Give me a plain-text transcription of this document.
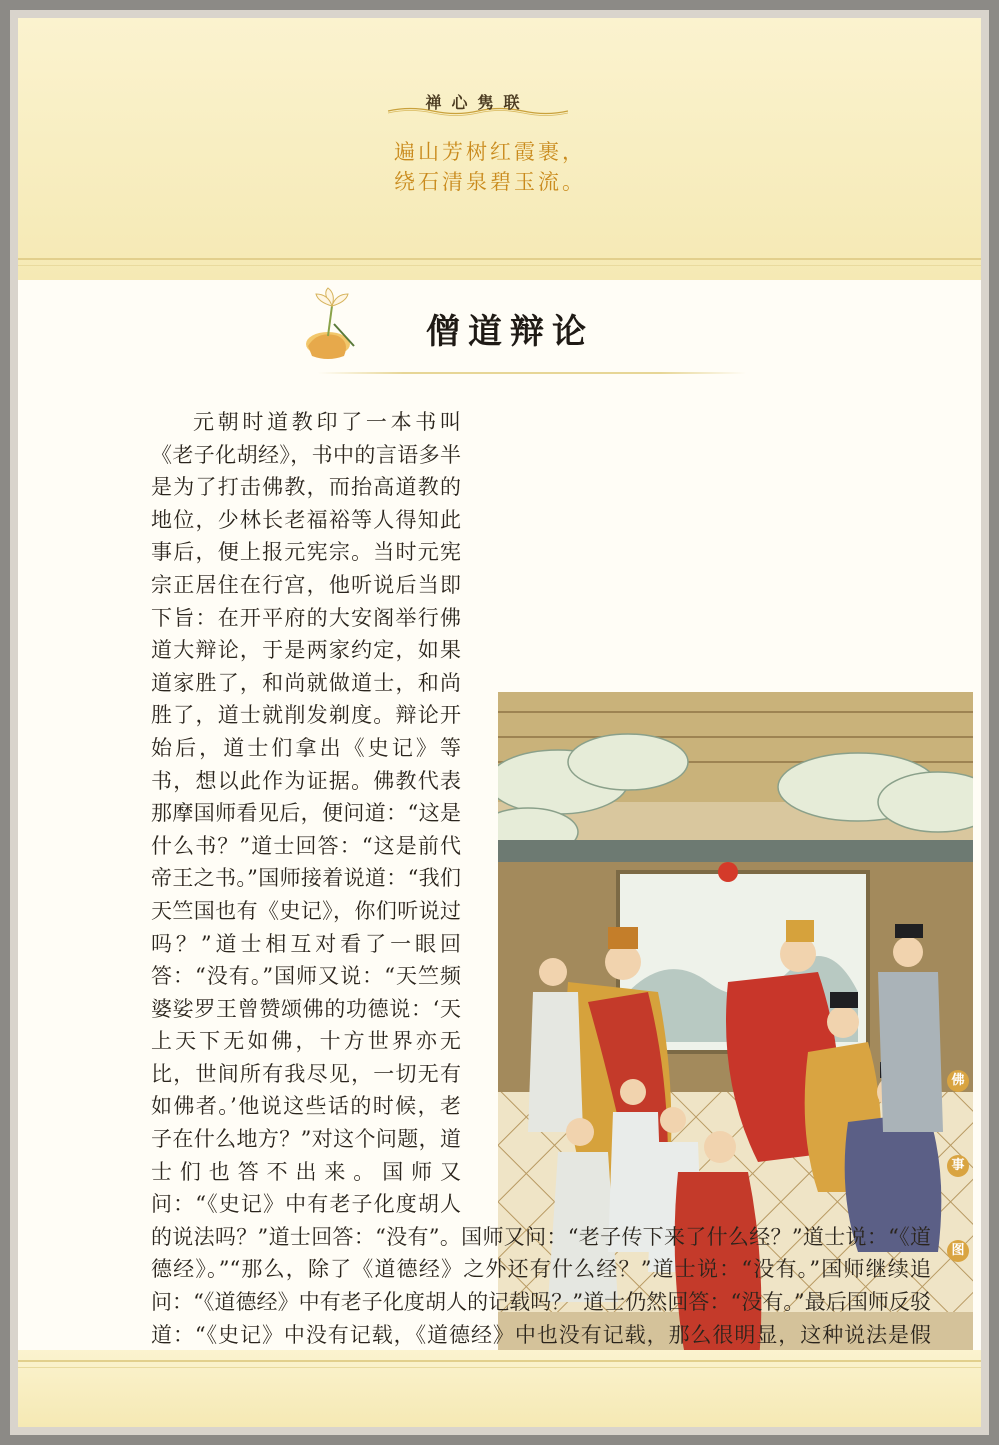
禅心隽联
遍山芳树红霞裹，
绕石清泉碧玉流。
僧道辩论
佛
事
图

元朝时道教印了一本书叫《老子化胡经》，书中的言语多半是为了打击佛教，而抬高道教的地位，少林长老福裕等人得知此事后，便上报元宪宗。当时元宪宗正居住在行宫，他听说后当即下旨：在开平府的大安阁举行佛道大辩论，于是两家约定，如果道家胜了，和尚就做道士，和尚胜了，道士就削发剃度。辩论开始后，道士们拿出《史记》等书，想以此作为证据。佛教代表那摩国师看见后，便问道：“这是什么书？”道士回答：“这是前代帝王之书。”国师接着说道：“我们天竺国也有《史记》，你们听说过吗？”道士相互对看了一眼回答：“没有。”国师又说：“天竺频婆娑罗王曾赞颂佛的功德说：‘天上天下无如佛，十方世界亦无比，世间所有我尽见，一切无有如佛者。’他说这些话的时候，老子在什么地方？”对这个问题，道士们也答不出来。国师又问：“《史记》中有老子化度胡人的说法吗？”道士回答：“没有”。国师又问：“老子传下来了什么经？”道士说：“《道德经》。”“那么，除了《道德经》之外还有什么经？”道士说：“没有。”国师继续追问：“《道德经》中有老子化度胡人的记载吗？”道士仍然回答：“没有。”最后国师反驳道：“《史记》中没有记载，《道德经》中也没有记载，那么很明显，这种说法是假
